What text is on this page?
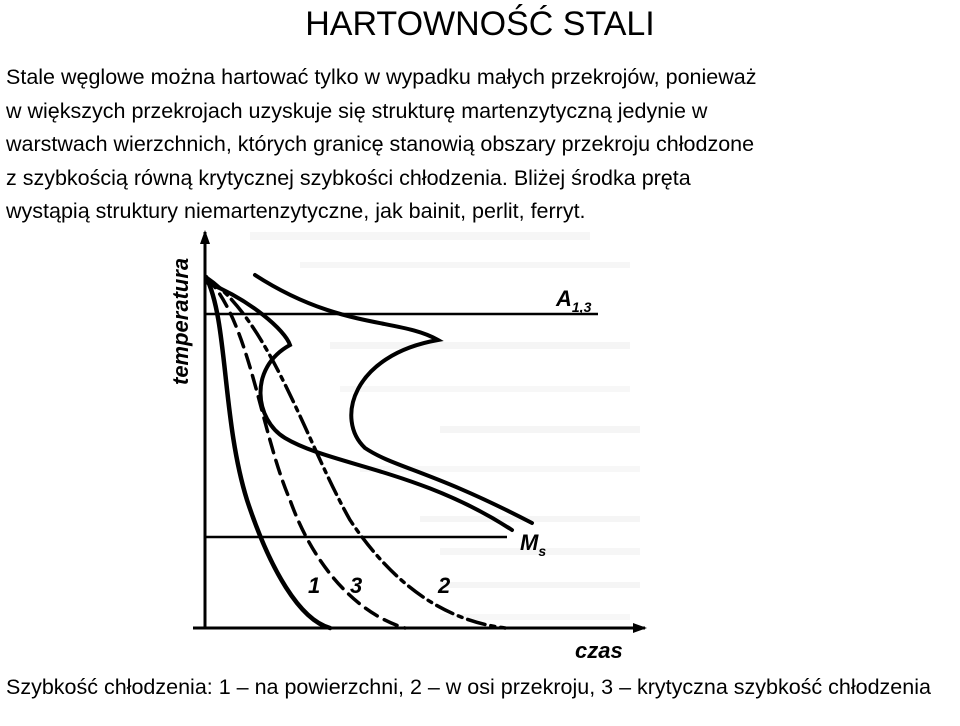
HARTOWNOŚĆ STALI

Stale węglowe można hartować tylko w wypadku małych przekrojów, ponieważ
w większych przekrojach uzyskuje się strukturę martenzytyczną jedynie w
warstwach wierzchnich, których granicę stanowią obszary przekroju chłodzone
z szybkością równą krytycznej szybkości chłodzenia. Bliżej środka pręta
wystąpią struktury niemartenzytyczne, jak bainit, perlit, ferryt.

temperatura
czas
$A_{1,3}$
$M_s$
1 3	2

Szybkość chłodzenia: 1 – na powierzchni, 2 – w osi przekroju, 3 – krytyczna szybkość chłodzenia
